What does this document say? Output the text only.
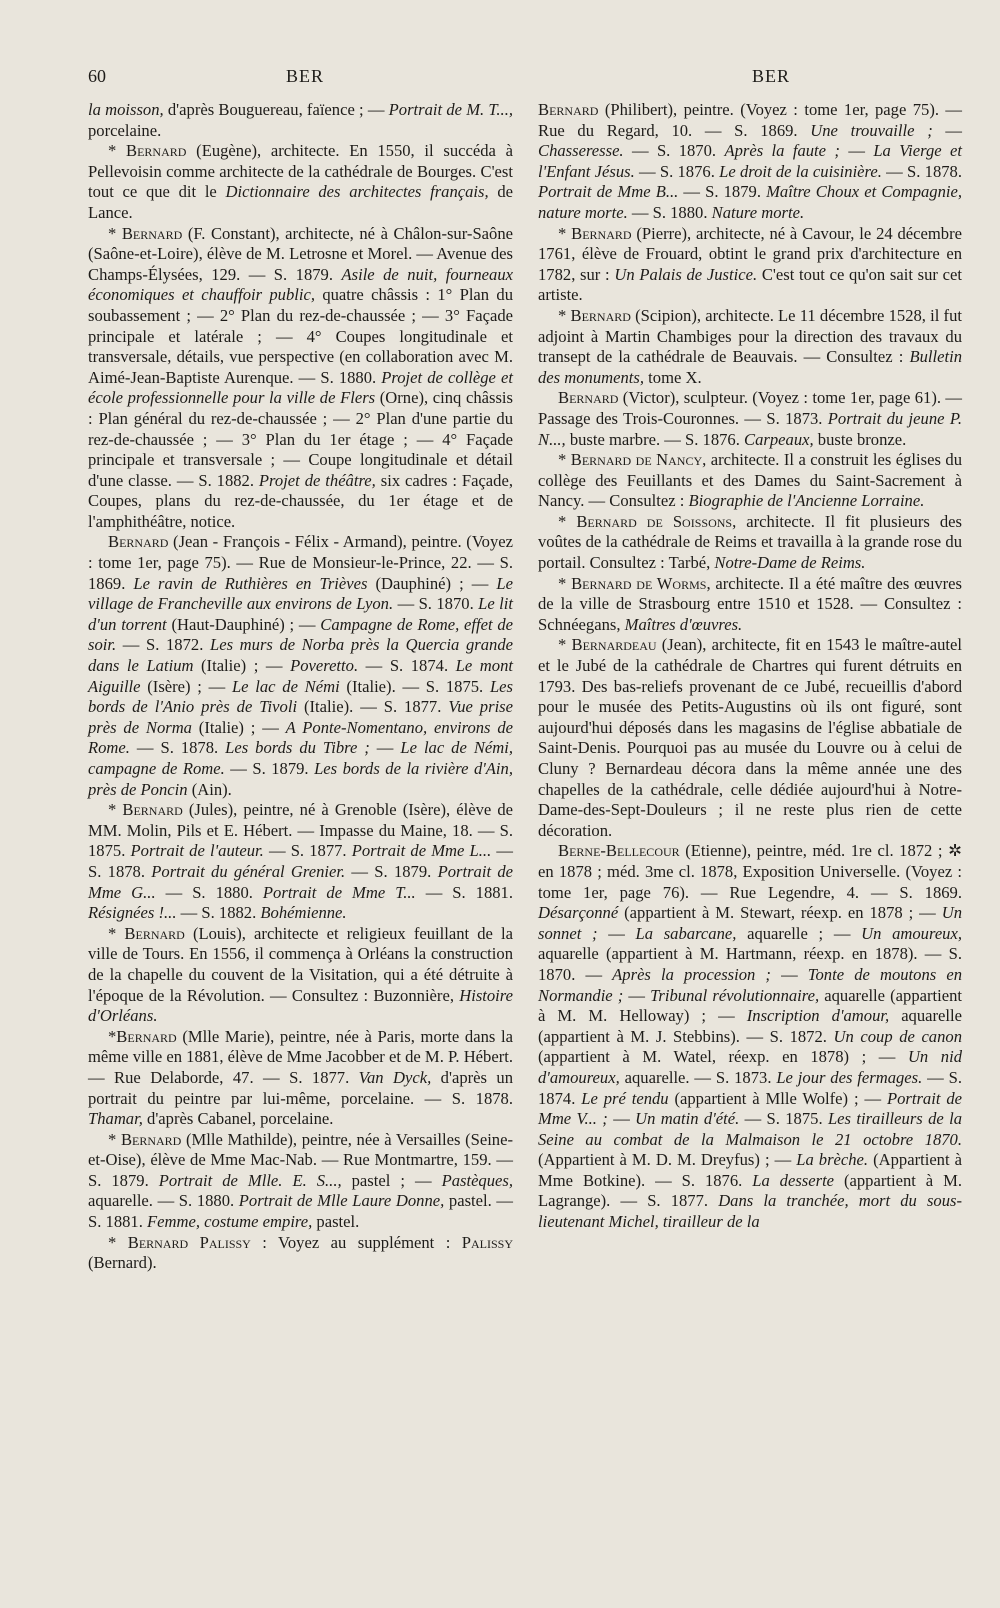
60	BER	BER

la moisson, d'après Bouguereau, faïence ; — Portrait de M. T..., porcelaine.

* Bernard (Eugène), architecte. En 1550, il succéda à Pellevoisin comme architecte de la cathédrale de Bourges. C'est tout ce que dit le Dictionnaire des architectes français, de Lance.

* Bernard (F. Constant), architecte, né à Châlon-sur-Saône (Saône-et-Loire), élève de M. Letrosne et Morel. — Avenue des Champs-Élysées, 129. — S. 1879. Asile de nuit, fourneaux économiques et chauffoir public, quatre châssis : 1° Plan du soubassement ; — 2° Plan du rez-de-chaussée ; — 3° Façade principale et latérale ; — 4° Coupes longitudinale et transversale, détails, vue perspective (en collaboration avec M. Aimé-Jean-Baptiste Aurenque. — S. 1880. Projet de collège et école professionnelle pour la ville de Flers (Orne), cinq châssis : Plan général du rez-de-chaussée ; — 2° Plan d'une partie du rez-de-chaussée ; — 3° Plan du 1er étage ; — 4° Façade principale et transversale ; — Coupe longitudinale et détail d'une classe. — S. 1882. Projet de théâtre, six cadres : Façade, Coupes, plans du rez-de-chaussée, du 1er étage et de l'amphithéâtre, notice.

Bernard (Jean - François - Félix - Armand), peintre. (Voyez : tome 1er, page 75). — Rue de Monsieur-le-Prince, 22. — S. 1869. Le ravin de Ruthières en Trièves (Dauphiné) ; — Le village de Francheville aux environs de Lyon. — S. 1870. Le lit d'un torrent (Haut-Dauphiné) ; — Campagne de Rome, effet de soir. — S. 1872. Les murs de Norba près la Quercia grande dans le Latium (Italie) ; — Poveretto. — S. 1874. Le mont Aiguille (Isère) ; — Le lac de Némi (Italie). — S. 1875. Les bords de l'Anio près de Tivoli (Italie). — S. 1877. Vue prise près de Norma (Italie) ; — A Ponte-Nomentano, environs de Rome. — S. 1878. Les bords du Tibre ; — Le lac de Némi, campagne de Rome. — S. 1879. Les bords de la rivière d'Ain, près de Poncin (Ain).

* Bernard (Jules), peintre, né à Grenoble (Isère), élève de MM. Molin, Pils et E. Hébert. — Impasse du Maine, 18. — S. 1875. Portrait de l'auteur. — S. 1877. Portrait de Mme L... — S. 1878. Portrait du général Grenier. — S. 1879. Portrait de Mme G... — S. 1880. Portrait de Mme T... — S. 1881. Résignées !... — S. 1882. Bohémienne.

* Bernard (Louis), architecte et religieux feuillant de la ville de Tours. En 1556, il commença à Orléans la construction de la chapelle du couvent de la Visitation, qui a été détruite à l'époque de la Révolution. — Consultez : Buzonnière, Histoire d'Orléans.

*Bernard (Mlle Marie), peintre, née à Paris, morte dans la même ville en 1881, élève de Mme Jacobber et de M. P. Hébert. — Rue Delaborde, 47. — S. 1877. Van Dyck, d'après un portrait du peintre par lui-même, porcelaine. — S. 1878. Thamar, d'après Cabanel, porcelaine.

* Bernard (Mlle Mathilde), peintre, née à Versailles (Seine-et-Oise), élève de Mme Mac-Nab. — Rue Montmartre, 159. — S. 1879. Portrait de Mlle. E. S..., pastel ; — Pastèques, aquarelle. — S. 1880. Portrait de Mlle Laure Donne, pastel. — S. 1881. Femme, costume empire, pastel.

* Bernard Palissy : Voyez au supplément : Palissy (Bernard).

Bernard (Philibert), peintre. (Voyez : tome 1er, page 75). — Rue du Regard, 10. — S. 1869. Une trouvaille ; — Chasseresse. — S. 1870. Après la faute ; — La Vierge et l'Enfant Jésus. — S. 1876. Le droit de la cuisinière. — S. 1878. Portrait de Mme B... — S. 1879. Maître Choux et Compagnie, nature morte. — S. 1880. Nature morte.

* Bernard (Pierre), architecte, né à Cavour, le 24 décembre 1761, élève de Frouard, obtint le grand prix d'architecture en 1782, sur : Un Palais de Justice. C'est tout ce qu'on sait sur cet artiste.

* Bernard (Scipion), architecte. Le 11 décembre 1528, il fut adjoint à Martin Chambiges pour la direction des travaux du transept de la cathédrale de Beauvais. — Consultez : Bulletin des monuments, tome X.

Bernard (Victor), sculpteur. (Voyez : tome 1er, page 61). — Passage des Trois-Couronnes. — S. 1873. Portrait du jeune P. N..., buste marbre. — S. 1876. Carpeaux, buste bronze.

* Bernard de Nancy, architecte. Il a construit les églises du collège des Feuillants et des Dames du Saint-Sacrement à Nancy. — Consultez : Biographie de l'Ancienne Lorraine.

* Bernard de Soissons, architecte. Il fit plusieurs des voûtes de la cathédrale de Reims et travailla à la grande rose du portail. Consultez : Tarbé, Notre-Dame de Reims.

* Bernard de Worms, architecte. Il a été maître des œuvres de la ville de Strasbourg entre 1510 et 1528. — Consultez : Schnéegans, Maîtres d'œuvres.

* Bernardeau (Jean), architecte, fit en 1543 le maître-autel et le Jubé de la cathédrale de Chartres qui furent détruits en 1793. Des bas-reliefs provenant de ce Jubé, recueillis d'abord pour le musée des Petits-Augustins où ils ont figuré, sont aujourd'hui déposés dans les magasins de l'église abbatiale de Saint-Denis. Pourquoi pas au musée du Louvre ou à celui de Cluny ? Bernardeau décora dans la même année une des chapelles de la cathédrale, celle dédiée aujourd'hui à Notre-Dame-des-Sept-Douleurs ; il ne reste plus rien de cette décoration.

Berne-Bellecour (Etienne), peintre, méd. 1re cl. 1872 ; ✲ en 1878 ; méd. 3me cl. 1878, Exposition Universelle. (Voyez : tome 1er, page 76). — Rue Legendre, 4. — S. 1869. Désarçonné (appartient à M. Stewart, réexp. en 1878 ; — Un sonnet ; — La sabarcane, aquarelle ; — Un amoureux, aquarelle (appartient à M. Hartmann, réexp. en 1878). — S. 1870. — Après la procession ; — Tonte de moutons en Normandie ; — Tribunal révolutionnaire, aquarelle (appartient à M. M. Helloway) ; — Inscription d'amour, aquarelle (appartient à M. J. Stebbins). — S. 1872. Un coup de canon (appartient à M. Watel, réexp. en 1878) ; — Un nid d'amoureux, aquarelle. — S. 1873. Le jour des fermages. — S. 1874. Le pré tendu (appartient à Mlle Wolfe) ; — Portrait de Mme V... ; — Un matin d'été. — S. 1875. Les tirailleurs de la Seine au combat de la Malmaison le 21 octobre 1870. (Appartient à M. D. M. Dreyfus) ; — La brèche. (Appartient à Mme Botkine). — S. 1876. La desserte (appartient à M. Lagrange). — S. 1877. Dans la tranchée, mort du sous-lieutenant Michel, tirailleur de la
